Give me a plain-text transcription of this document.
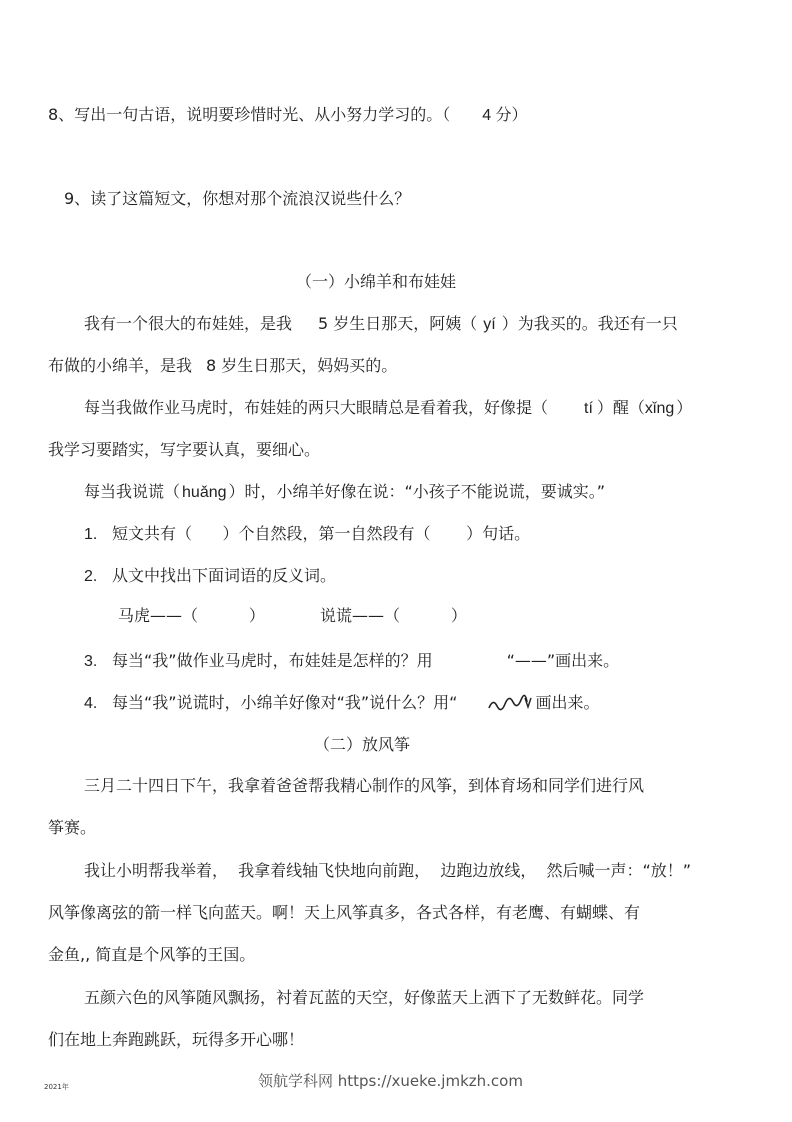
8、写出一句古语，说明要珍惜时光、从小努力学习的。（ 4 分）
9、读了这篇短文，你想对那个流浪汉说些什么？
（一）小绵羊和布娃娃
我有一个很大的布娃娃，是我 5 岁生日那天，阿姨（ yí ）为我买的。我还有一只
布做的小绵羊，是我 8 岁生日那天，妈妈买的。
每当我做作业马虎时，布娃娃的两只大眼睛总是看着我，好像提（ tí ）醒（xǐng ）
我学习要踏实，写字要认真，要细心。
每当我说谎（ huǎng ）时，小绵羊好像在说：“小孩子不能说谎，要诚实。”
1. 短文共有（      ）个自然段，第一自然段有（       ）句话。
2. 从文中找出下面词语的反义词。
马虎——（          ）	说谎——（          ）
3. 每当“我”做作业马虎时，布娃娃是怎样的？用	“——”画出来。
4. 每当“我”说谎时，小绵羊好像对“我”说什么？用“	画出来。
（二）放风筝
三月二十四日下午，我拿着爸爸帮我精心制作的风筝，到体育场和同学们进行风
筝赛。
我让小明帮我举着，  我拿着线轴飞快地向前跑，  边跑边放线，  然后喊一声：“放！”
风筝像离弦的箭一样飞向蓝天。啊！天上风筝真多，各式各样，有老鹰、有蝴蝶、有
金鱼,, 简直是个风筝的王国。
五颜六色的风筝随风飘扬，衬着瓦蓝的天空，好像蓝天上洒下了无数鲜花。同学
们在地上奔跑跳跃，玩得多开心哪！
领航学科网 https://xueke.jmkzh.com
2021年
